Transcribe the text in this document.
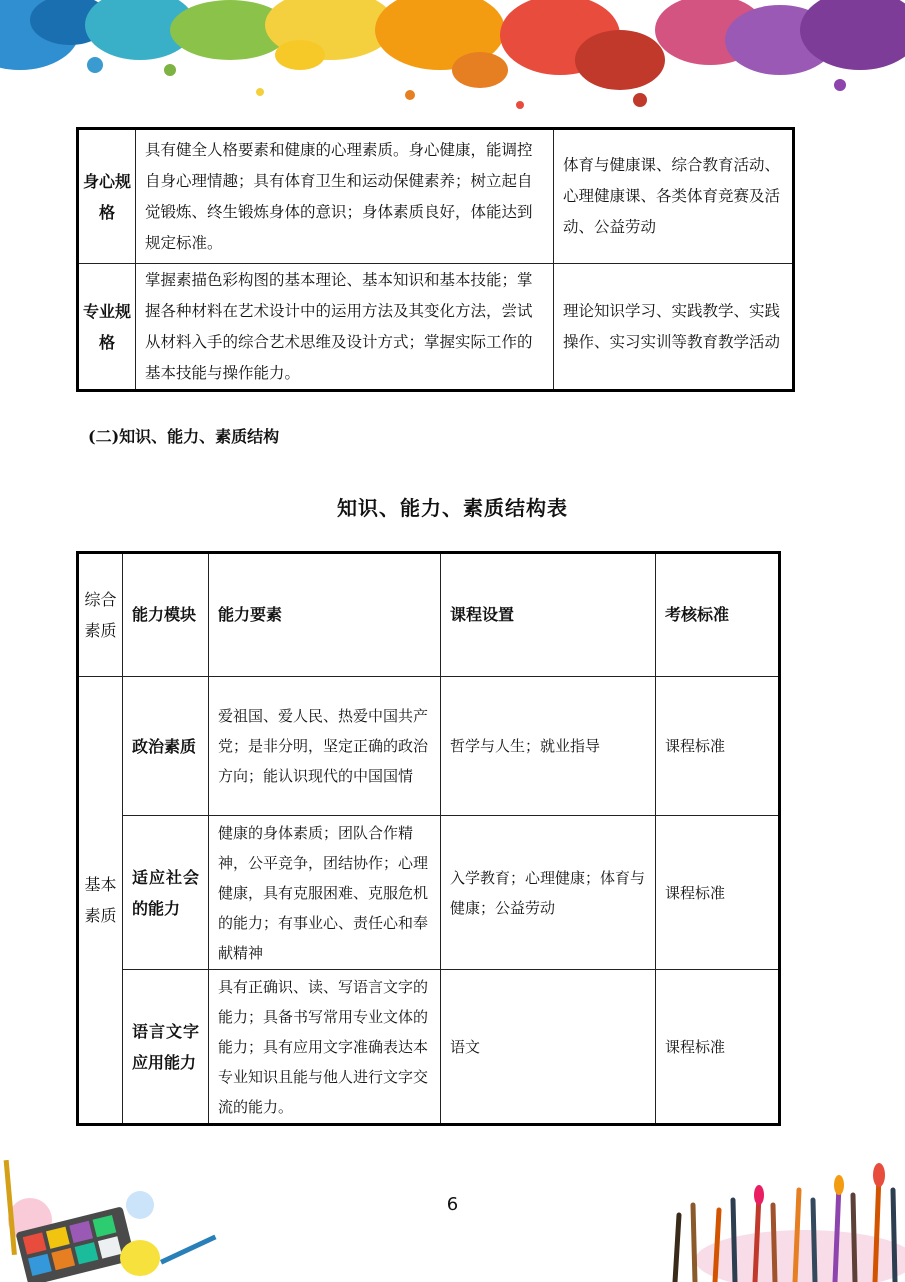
身心规格	具有健全人格要素和健康的心理素质。身心健康，能调控自身心理情趣；具有体育卫生和运动保健素养；树立起自觉锻炼、终生锻炼身体的意识；身体素质良好，体能达到规定标准。	体育与健康课、综合教育活动、心理健康课、各类体育竞赛及活动、公益劳动
专业规格	掌握素描色彩构图的基本理论、基本知识和基本技能；掌握各种材料在艺术设计中的运用方法及其变化方法，尝试从材料入手的综合艺术思维及设计方式；掌握实际工作的基本技能与操作能力。	理论知识学习、实践教学、实践操作、实习实训等教育教学活动
(二)知识、能力、素质结构
知识、能力、素质结构表
综合素质	能力模块	能力要素	课程设置	考核标准
基本素质	政治素质	爱祖国、爱人民、热爱中国共产党；是非分明，坚定正确的政治方向；能认识现代的中国国情	哲学与人生；就业指导	课程标准
	适应社会的能力	健康的身体素质；团队合作精神，公平竞争，团结协作；心理健康，具有克服困难、克服危机的能力；有事业心、责任心和奉献精神	入学教育；心理健康；体育与健康；公益劳动	课程标准
	语言文字应用能力	具有正确识、读、写语言文字的能力；具备书写常用专业文体的能力；具有应用文字准确表达本专业知识且能与他人进行文字交流的能力。	语文	课程标准
6
